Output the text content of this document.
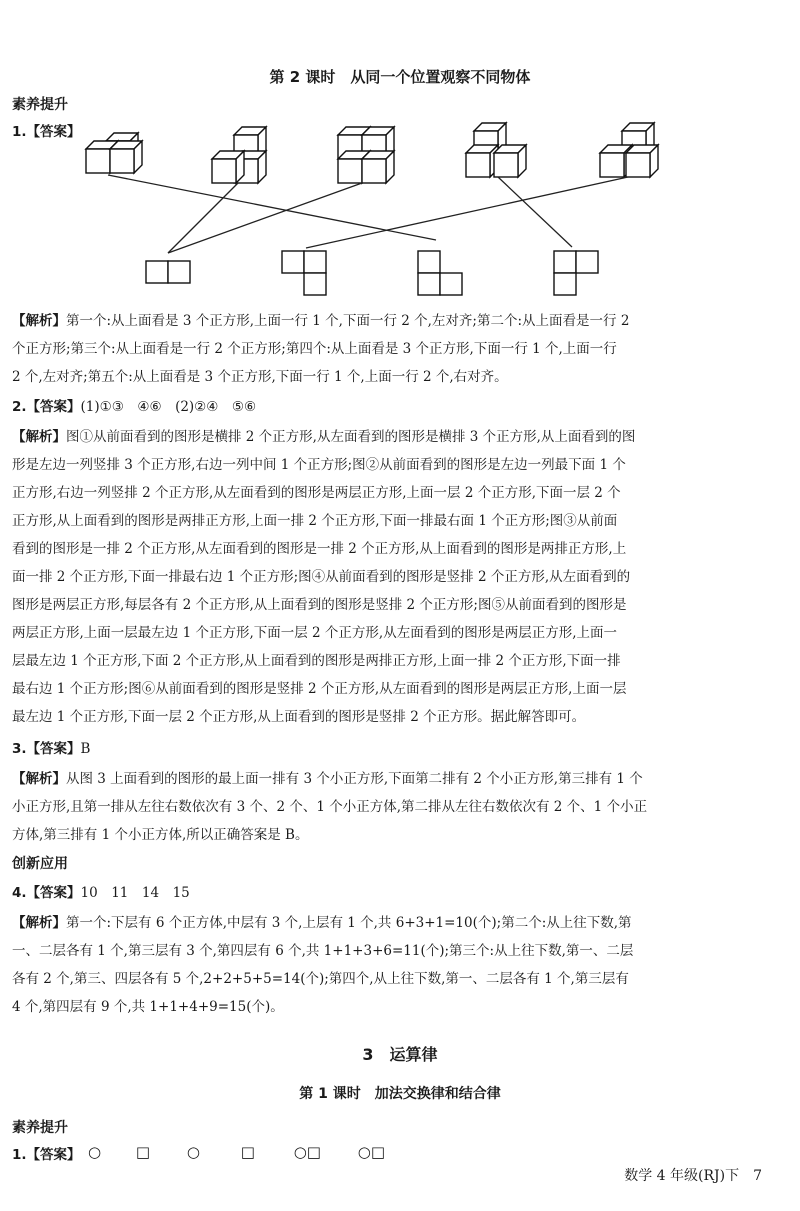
第 2 课时　从同一个位置观察不同物体
素养提升
1.【答案】
【解析】第一个:从上面看是 3 个正方形,上面一行 1 个,下面一行 2 个,左对齐;第二个:从上面看是一行 2
个正方形;第三个:从上面看是一行 2 个正方形;第四个:从上面看是 3 个正方形,下面一行 1 个,上面一行
2 个,左对齐;第五个:从上面看是 3 个正方形,下面一行 1 个,上面一行 2 个,右对齐。
2.【答案】(1)①③　④⑥　(2)②④　⑤⑥
【解析】图①从前面看到的图形是横排 2 个正方形,从左面看到的图形是横排 3 个正方形,从上面看到的图
形是左边一列竖排 3 个正方形,右边一列中间 1 个正方形;图②从前面看到的图形是左边一列最下面 1 个
正方形,右边一列竖排 2 个正方形,从左面看到的图形是两层正方形,上面一层 2 个正方形,下面一层 2 个
正方形,从上面看到的图形是两排正方形,上面一排 2 个正方形,下面一排最右面 1 个正方形;图③从前面
看到的图形是一排 2 个正方形,从左面看到的图形是一排 2 个正方形,从上面看到的图形是两排正方形,上
面一排 2 个正方形,下面一排最右边 1 个正方形;图④从前面看到的图形是竖排 2 个正方形,从左面看到的
图形是两层正方形,每层各有 2 个正方形,从上面看到的图形是竖排 2 个正方形;图⑤从前面看到的图形是
两层正方形,上面一层最左边 1 个正方形,下面一层 2 个正方形,从左面看到的图形是两层正方形,上面一
层最左边 1 个正方形,下面 2 个正方形,从上面看到的图形是两排正方形,上面一排 2 个正方形,下面一排
最右边 1 个正方形;图⑥从前面看到的图形是竖排 2 个正方形,从左面看到的图形是两层正方形,上面一层
最左边 1 个正方形,下面一层 2 个正方形,从上面看到的图形是竖排 2 个正方形。据此解答即可。
3.【答案】B
【解析】从图 3 上面看到的图形的最上面一排有 3 个小正方形,下面第二排有 2 个小正方形,第三排有 1 个
小正方形,且第一排从左往右数依次有 3 个、2 个、1 个小正方体,第二排从左往右数依次有 2 个、1 个小正
方体,第三排有 1 个小正方体,所以正确答案是 B。
创新应用
4.【答案】10　11　14　15
【解析】第一个:下层有 6 个正方体,中层有 3 个,上层有 1 个,共 6+3+1=10(个);第二个:从上往下数,第
一、二层各有 1 个,第三层有 3 个,第四层有 6 个,共 1+1+3+6=11(个);第三个:从上往下数,第一、二层
各有 2 个,第三、四层各有 5 个,2+2+5+5=14(个);第四个,从上往下数,第一、二层各有 1 个,第三层有
4 个,第四层有 9 个,共 1+1+4+9=15(个)。
3　运算律
第 1 课时　加法交换律和结合律
素养提升
1.【答案】 ○ □ ○	□	○□ ○□
数学 4 年级(RJ)下　7
